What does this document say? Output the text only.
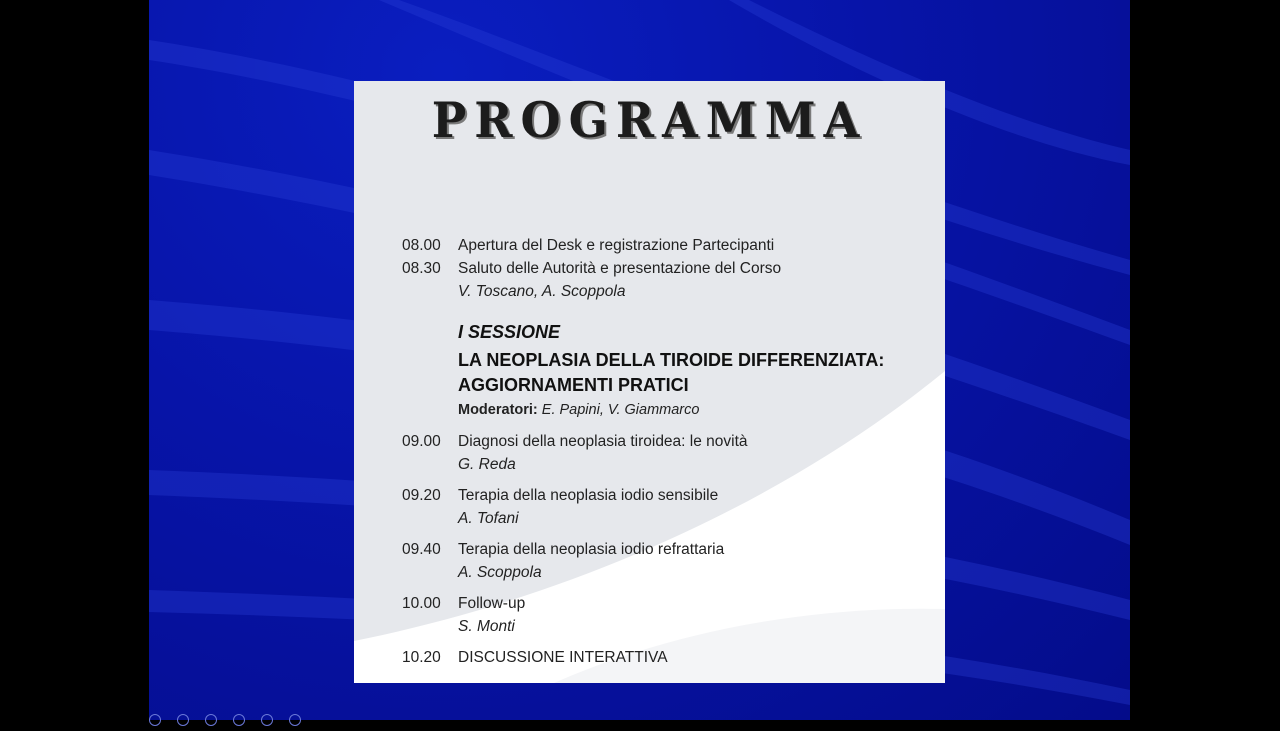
PROGRAMMA
08.00	Apertura del Desk e registrazione Partecipanti
08.30	Saluto delle Autorità e presentazione del Corso
V. Toscano, A. Scoppola
I SESSIONE
LA NEOPLASIA DELLA TIROIDE DIFFERENZIATA:
AGGIORNAMENTI PRATICI
Moderatori: E. Papini, V. Giammarco
09.00	Diagnosi della neoplasia tiroidea: le novità
G. Reda
09.20	Terapia della neoplasia iodio sensibile
A. Tofani
09.40	Terapia della neoplasia iodio refrattaria
A. Scoppola
10.00	Follow-up
S. Monti
10.20	DISCUSSIONE INTERATTIVA
